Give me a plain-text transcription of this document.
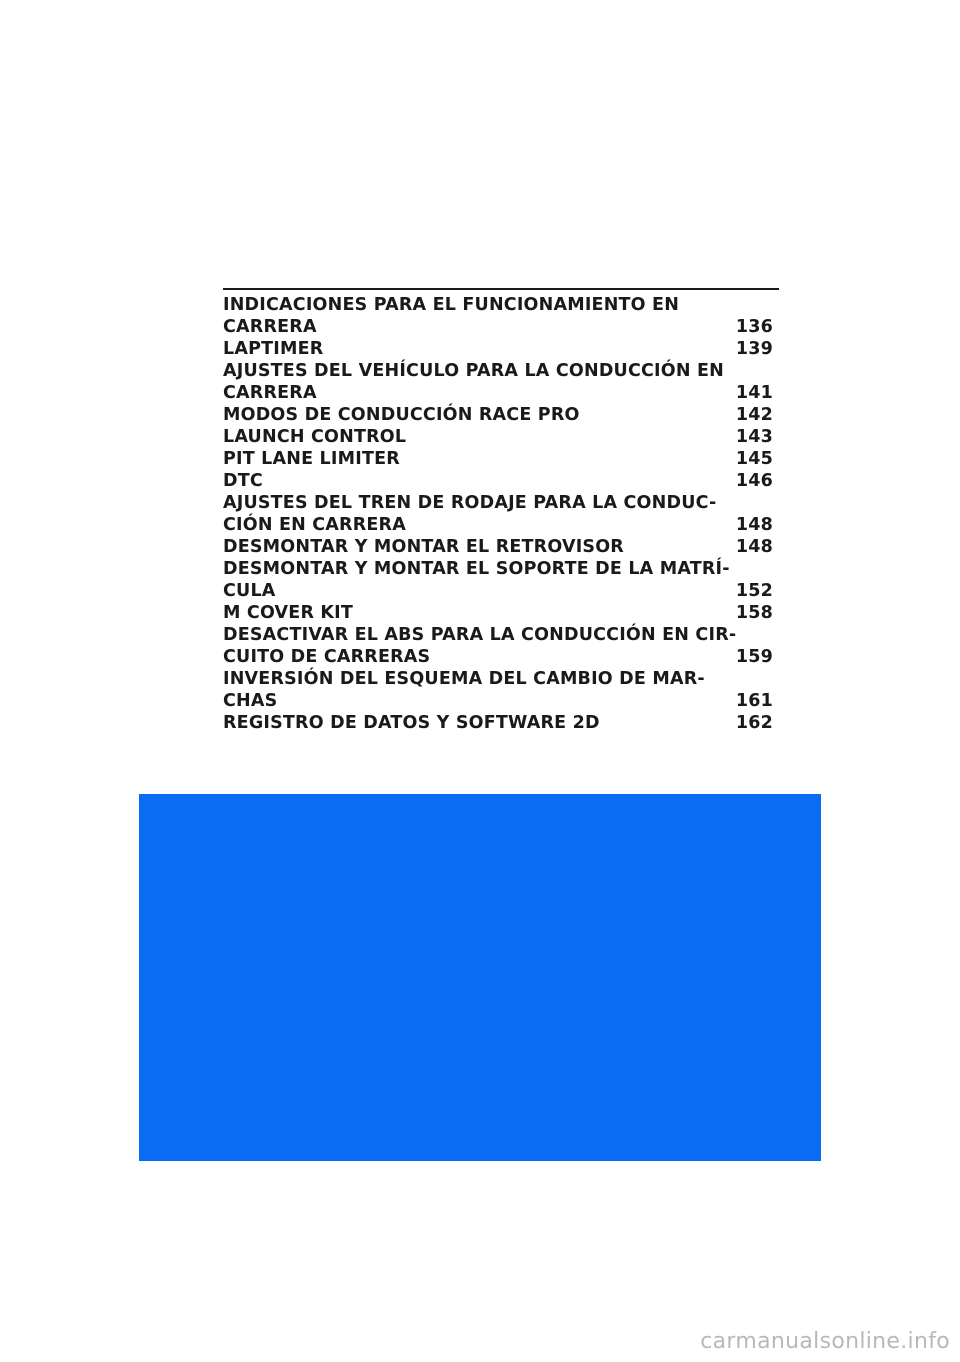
INDICACIONES PARA EL FUNCIONAMIENTO EN
CARRERA	136
LAPTIMER	139
AJUSTES DEL VEHÍCULO PARA LA CONDUCCIÓN EN
CARRERA	141
MODOS DE CONDUCCIÓN RACE PRO	142
LAUNCH CONTROL	143
PIT LANE LIMITER	145
DTC	146
AJUSTES DEL TREN DE RODAJE PARA LA CONDUC-
CIÓN EN CARRERA	148
DESMONTAR Y MONTAR EL RETROVISOR	148
DESMONTAR Y MONTAR EL SOPORTE DE LA MATRÍ-
CULA	152
M COVER KIT	158
DESACTIVAR EL ABS PARA LA CONDUCCIÓN EN CIR-
CUITO DE CARRERAS	159
INVERSIÓN DEL ESQUEMA DEL CAMBIO DE MAR-
CHAS	161
REGISTRO DE DATOS Y SOFTWARE 2D	162
carmanualsonline.info
